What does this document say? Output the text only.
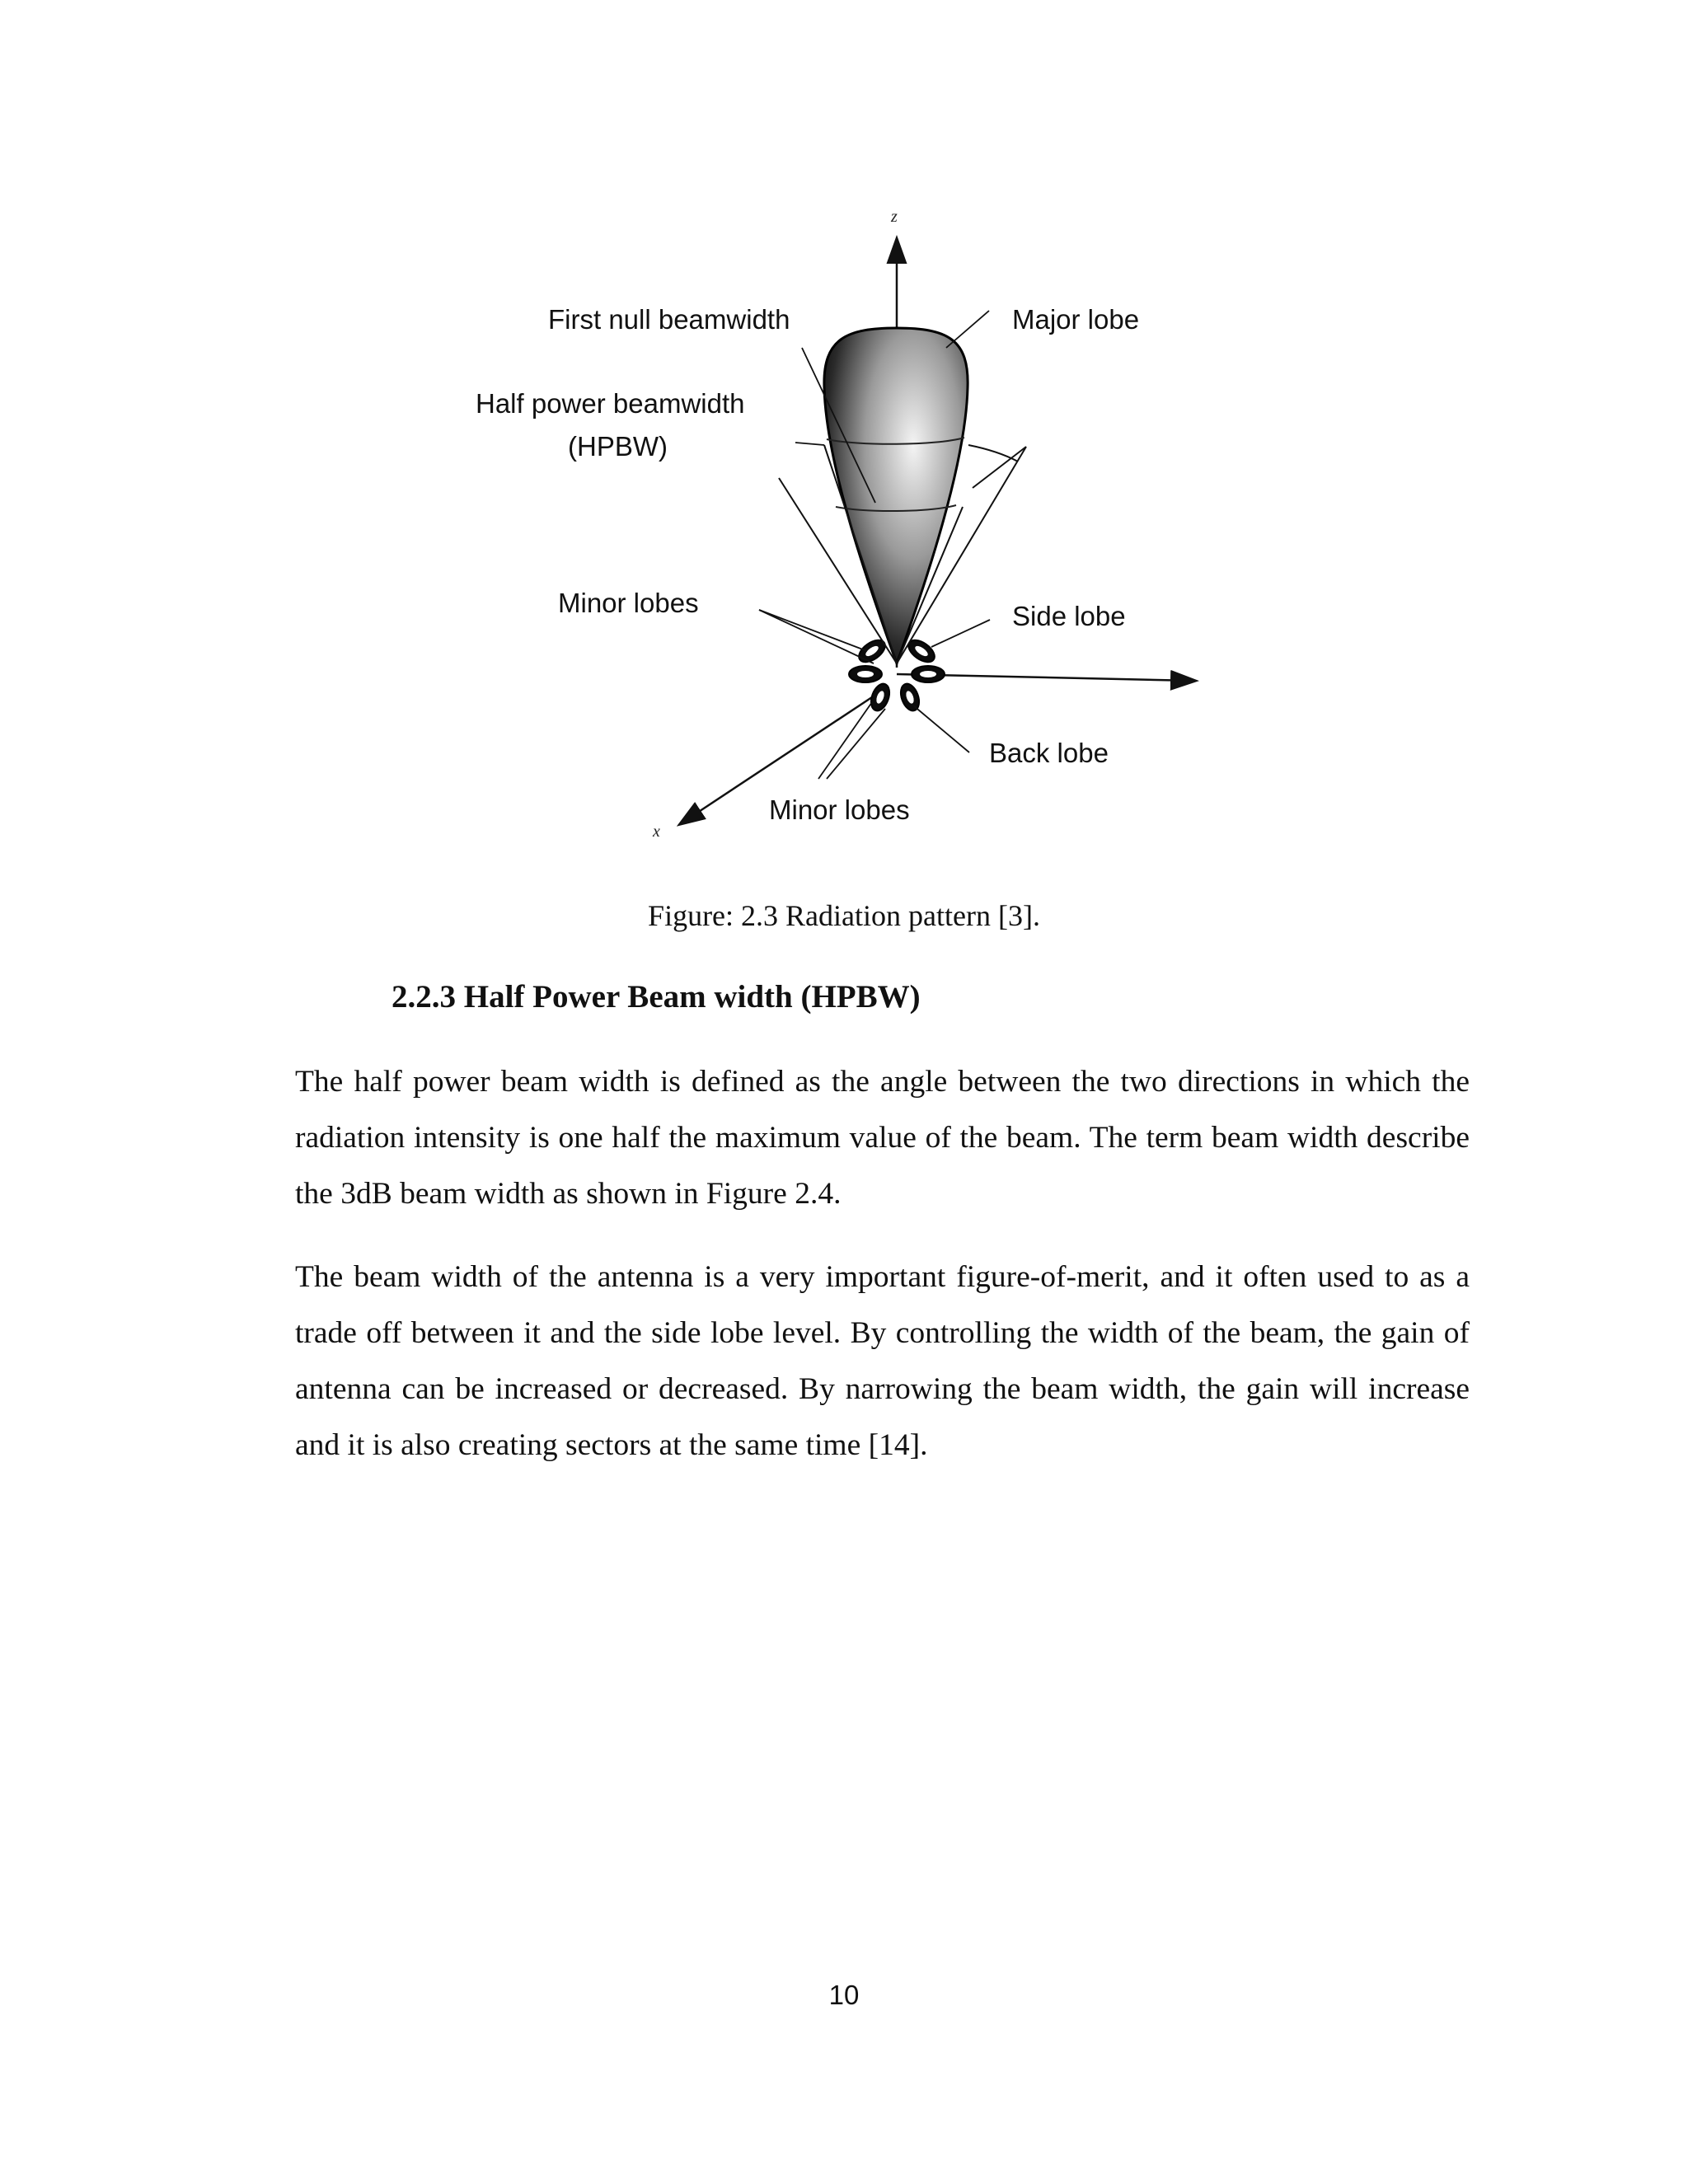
z
x
First null beamwidth
Half power beamwidth
(HPBW)
Minor lobes
Major lobe
Side lobe
Back lobe
Minor lobes
Figure: 2.3 Radiation pattern [3].
2.2.3 Half Power Beam width (HPBW)

The half power beam width is defined as the angle between the two directions in which the radiation intensity is one half the maximum value of the beam. The term beam width describe the 3dB beam width as shown in Figure 2.4.

The beam width of the antenna is a very important figure-of-merit, and it often used to as a trade off between it and the side lobe level. By controlling the width of the beam, the gain of antenna can be increased or decreased. By narrowing the beam width, the gain will increase and it is also creating sectors at the same time [14].

10
